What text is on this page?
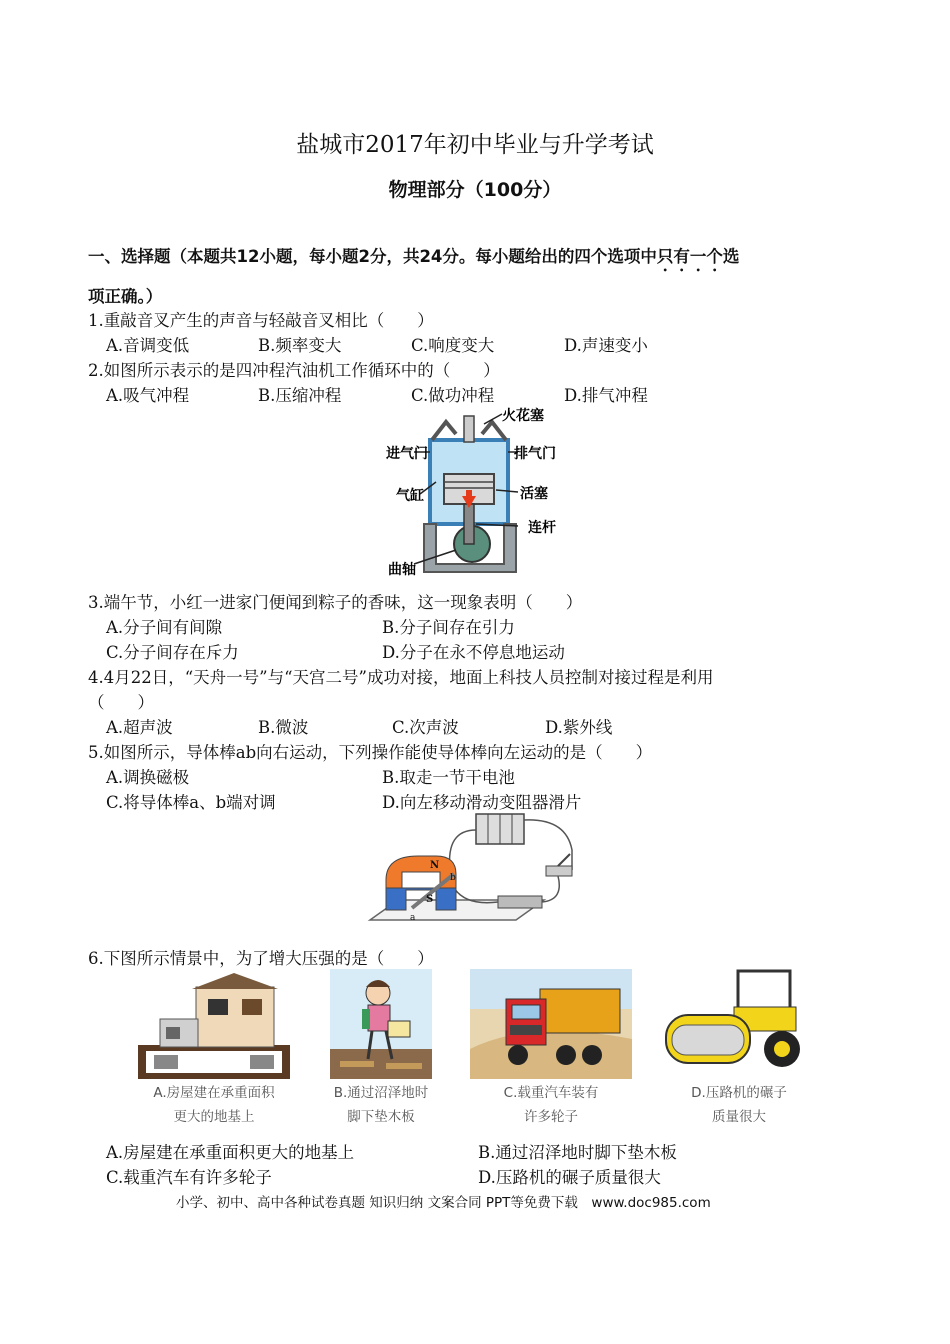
盐城市2017年初中毕业与升学考试
物理部分（100分）
一、选择题（本题共12小题，每小题2分，共24分。每小题给出的四个选项中只有一个选
项正确。）
1.重敲音叉产生的声音与轻敲音叉相比（　　）
A.音调变低	B.频率变大	C.响度变大	D.声速变小
2.如图所示表示的是四冲程汽油机工作循环中的（　　）
A.吸气冲程	B.压缩冲程	C.做功冲程	D.排气冲程
火花塞
进气门	排气门
气缸	活塞
连杆
曲轴
3.端午节，小红一进家门便闻到粽子的香味，这一现象表明（　　）
A.分子间有间隙	B.分子间存在引力
C.分子间存在斥力	D.分子在永不停息地运动
4.4月22日，“天舟一号”与“天宫二号”成功对接，地面上科技人员控制对接过程是利用
（　　）
A.超声波	B.微波	C.次声波	D.紫外线
5.如图所示，导体棒ab向右运动，下列操作能使导体棒向左运动的是（　　）
A.调换磁极	B.取走一节干电池
C.将导体棒a、b端对调	D.向左移动滑动变阻器滑片
N
S
a
b
6.下图所示情景中，为了增大压强的是（　　）
A.房屋建在承重面积
更大的地基上
B.通过沼泽地时
脚下垫木板
C.载重汽车装有
许多轮子
D.压路机的碾子
质量很大
A.房屋建在承重面积更大的地基上	B.通过沼泽地时脚下垫木板
C.载重汽车有许多轮子	D.压路机的碾子质量很大
小学、初中、高中各种试卷真题 知识归纳 文案合同 PPT等免费下载　www.doc985.com
